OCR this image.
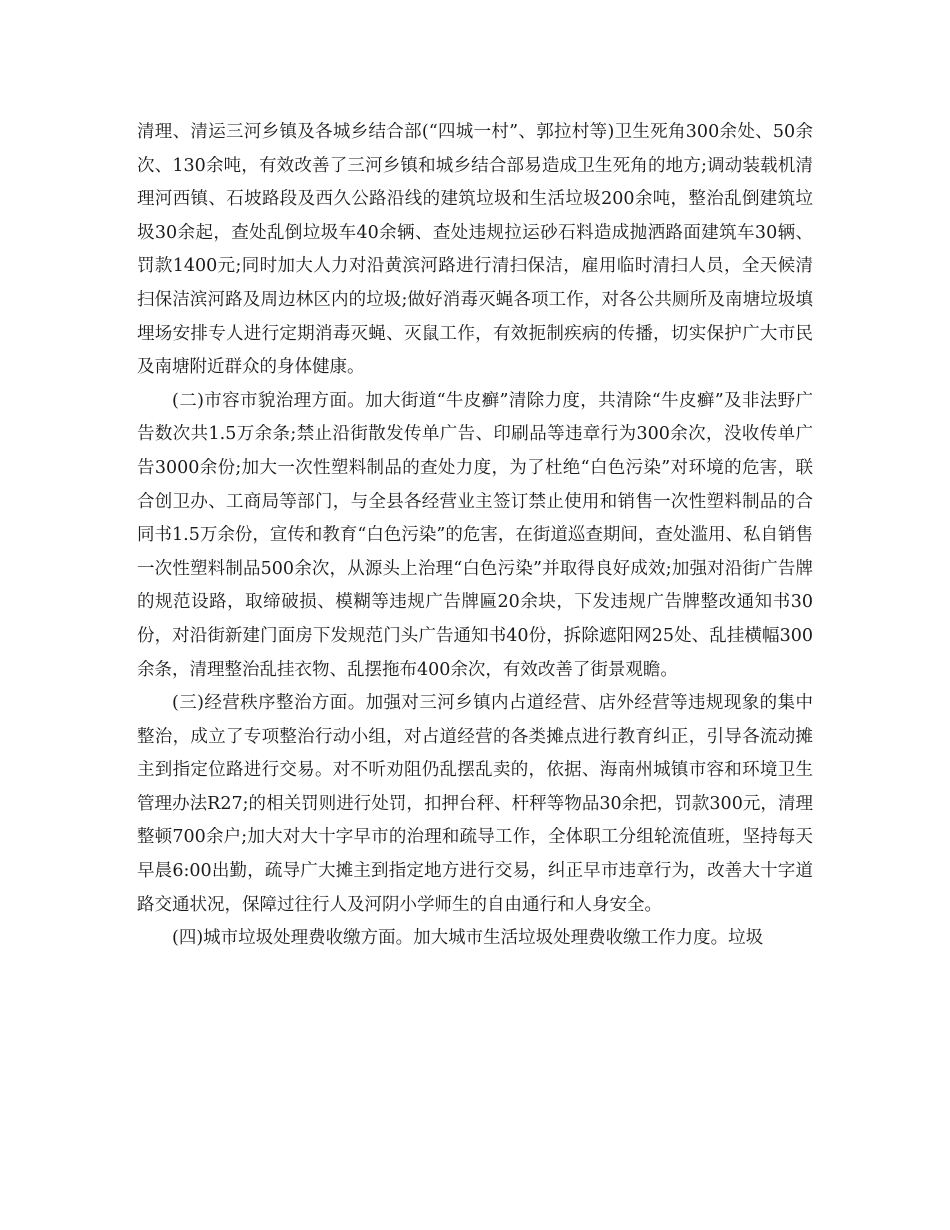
清理、清运三河乡镇及各城乡结合部(“四城一村”、郭拉村等)卫生死角300余处、50余次、130余吨，有效改善了三河乡镇和城乡结合部易造成卫生死角的地方;调动装载机清理河西镇、石坡路段及西久公路沿线的建筑垃圾和生活垃圾200余吨，整治乱倒建筑垃圾30余起，查处乱倒垃圾车40余辆、查处违规拉运砂石料造成抛洒路面建筑车30辆、罚款1400元;同时加大人力对沿黄滨河路进行清扫保洁，雇用临时清扫人员，全天候清扫保洁滨河路及周边林区内的垃圾;做好消毒灭蝇各项工作，对各公共厕所及南塘垃圾填埋场安排专人进行定期消毒灭蝇、灭鼠工作，有效扼制疾病的传播，切实保护广大市民及南塘附近群众的身体健康。

(二)市容市貌治理方面。加大街道“牛皮癣”清除力度，共清除“牛皮癣”及非法野广告数次共1.5万余条;禁止沿街散发传单广告、印刷品等违章行为300余次，没收传单广告3000余份;加大一次性塑料制品的查处力度，为了杜绝“白色污染”对环境的危害，联合创卫办、工商局等部门，与全县各经营业主签订禁止使用和销售一次性塑料制品的合同书1.5万余份，宣传和教育“白色污染”的危害，在街道巡查期间，查处滥用、私自销售一次性塑料制品500余次，从源头上治理“白色污染”并取得良好成效;加强对沿街广告牌的规范设路，取缔破损、模糊等违规广告牌匾20余块，下发违规广告牌整改通知书30份，对沿街新建门面房下发规范门头广告通知书40份，拆除遮阳网25处、乱挂横幅300余条，清理整治乱挂衣物、乱摆拖布400余次，有效改善了街景观瞻。

(三)经营秩序整治方面。加强对三河乡镇内占道经营、店外经营等违规现象的集中整治，成立了专项整治行动小组，对占道经营的各类摊点进行教育纠正，引导各流动摊主到指定位路进行交易。对不听劝阻仍乱摆乱卖的，依据、海南州城镇市容和环境卫生管理办法R27;的相关罚则进行处罚，扣押台秤、杆秤等物品30余把，罚款300元，清理整顿700余户;加大对大十字早市的治理和疏导工作，全体职工分组轮流值班，坚持每天早晨6:00出勤，疏导广大摊主到指定地方进行交易，纠正早市违章行为，改善大十字道路交通状况，保障过往行人及河阴小学师生的自由通行和人身安全。

(四)城市垃圾处理费收缴方面。加大城市生活垃圾处理费收缴工作力度。垃圾
